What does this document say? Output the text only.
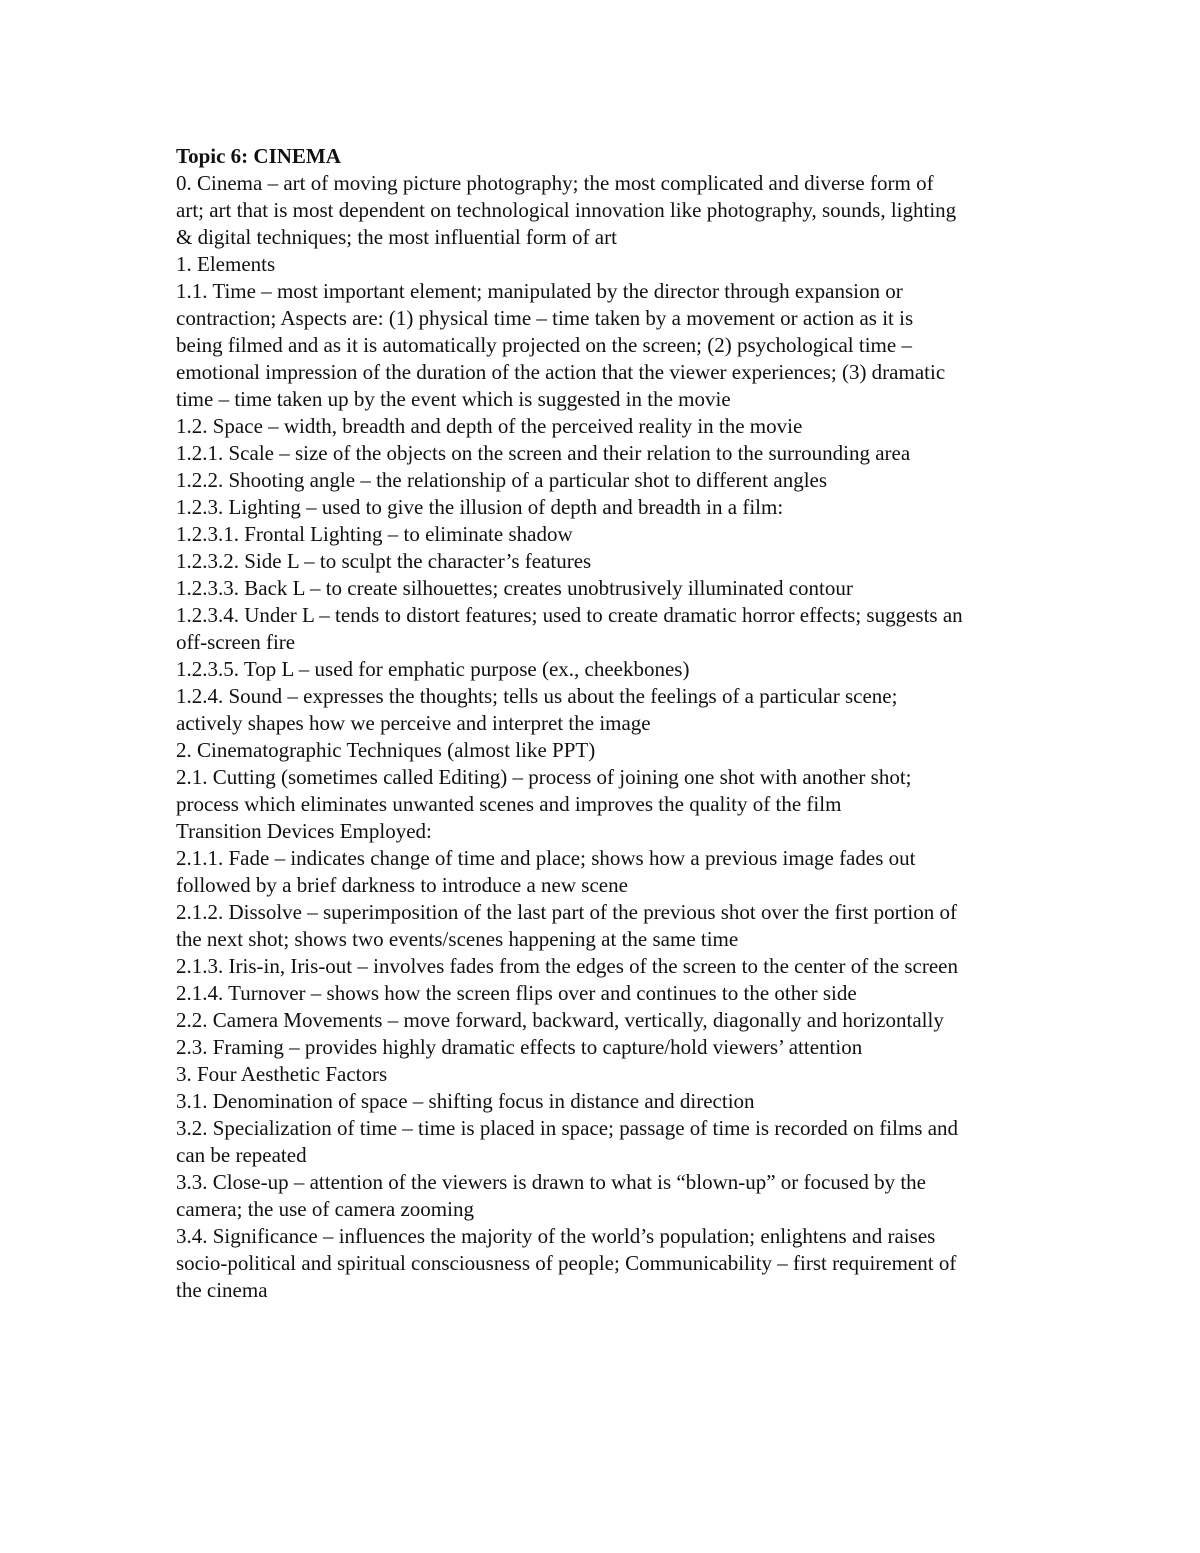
Topic 6: CINEMA

0. Cinema – art of moving picture photography; the most complicated and diverse form of

art; art that is most dependent on technological innovation like photography, sounds, lighting

& digital techniques; the most influential form of art

1. Elements

1.1. Time – most important element; manipulated by the director through expansion or

contraction; Aspects are: (1) physical time – time taken by a movement or action as it is

being filmed and as it is automatically projected on the screen; (2) psychological time –

emotional impression of the duration of the action that the viewer experiences; (3) dramatic

time – time taken up by the event which is suggested in the movie

1.2. Space – width, breadth and depth of the perceived reality in the movie

1.2.1. Scale – size of the objects on the screen and their relation to the surrounding area

1.2.2. Shooting angle – the relationship of a particular shot to different angles

1.2.3. Lighting – used to give the illusion of depth and breadth in a film:

1.2.3.1. Frontal Lighting – to eliminate shadow

1.2.3.2. Side L – to sculpt the character’s features

1.2.3.3. Back L – to create silhouettes; creates unobtrusively illuminated contour

1.2.3.4. Under L – tends to distort features; used to create dramatic horror effects; suggests an

off-screen fire

1.2.3.5. Top L – used for emphatic purpose (ex., cheekbones)

1.2.4. Sound – expresses the thoughts; tells us about the feelings of a particular scene;

actively shapes how we perceive and interpret the image

2. Cinematographic Techniques (almost like PPT)

2.1. Cutting (sometimes called Editing) – process of joining one shot with another shot;

process which eliminates unwanted scenes and improves the quality of the film

Transition Devices Employed:

2.1.1. Fade – indicates change of time and place; shows how a previous image fades out

followed by a brief darkness to introduce a new scene

2.1.2. Dissolve – superimposition of the last part of the previous shot over the first portion of

the next shot; shows two events/scenes happening at the same time

2.1.3. Iris-in, Iris-out – involves fades from the edges of the screen to the center of the screen

2.1.4. Turnover – shows how the screen flips over and continues to the other side

2.2. Camera Movements – move forward, backward, vertically, diagonally and horizontally

2.3. Framing – provides highly dramatic effects to capture/hold viewers’ attention

3. Four Aesthetic Factors

3.1. Denomination of space – shifting focus in distance and direction

3.2. Specialization of time – time is placed in space; passage of time is recorded on films and

can be repeated

3.3. Close-up – attention of the viewers is drawn to what is “blown-up” or focused by the

camera; the use of camera zooming

3.4. Significance – influences the majority of the world’s population; enlightens and raises

socio-political and spiritual consciousness of people; Communicability – first requirement of

the cinema
